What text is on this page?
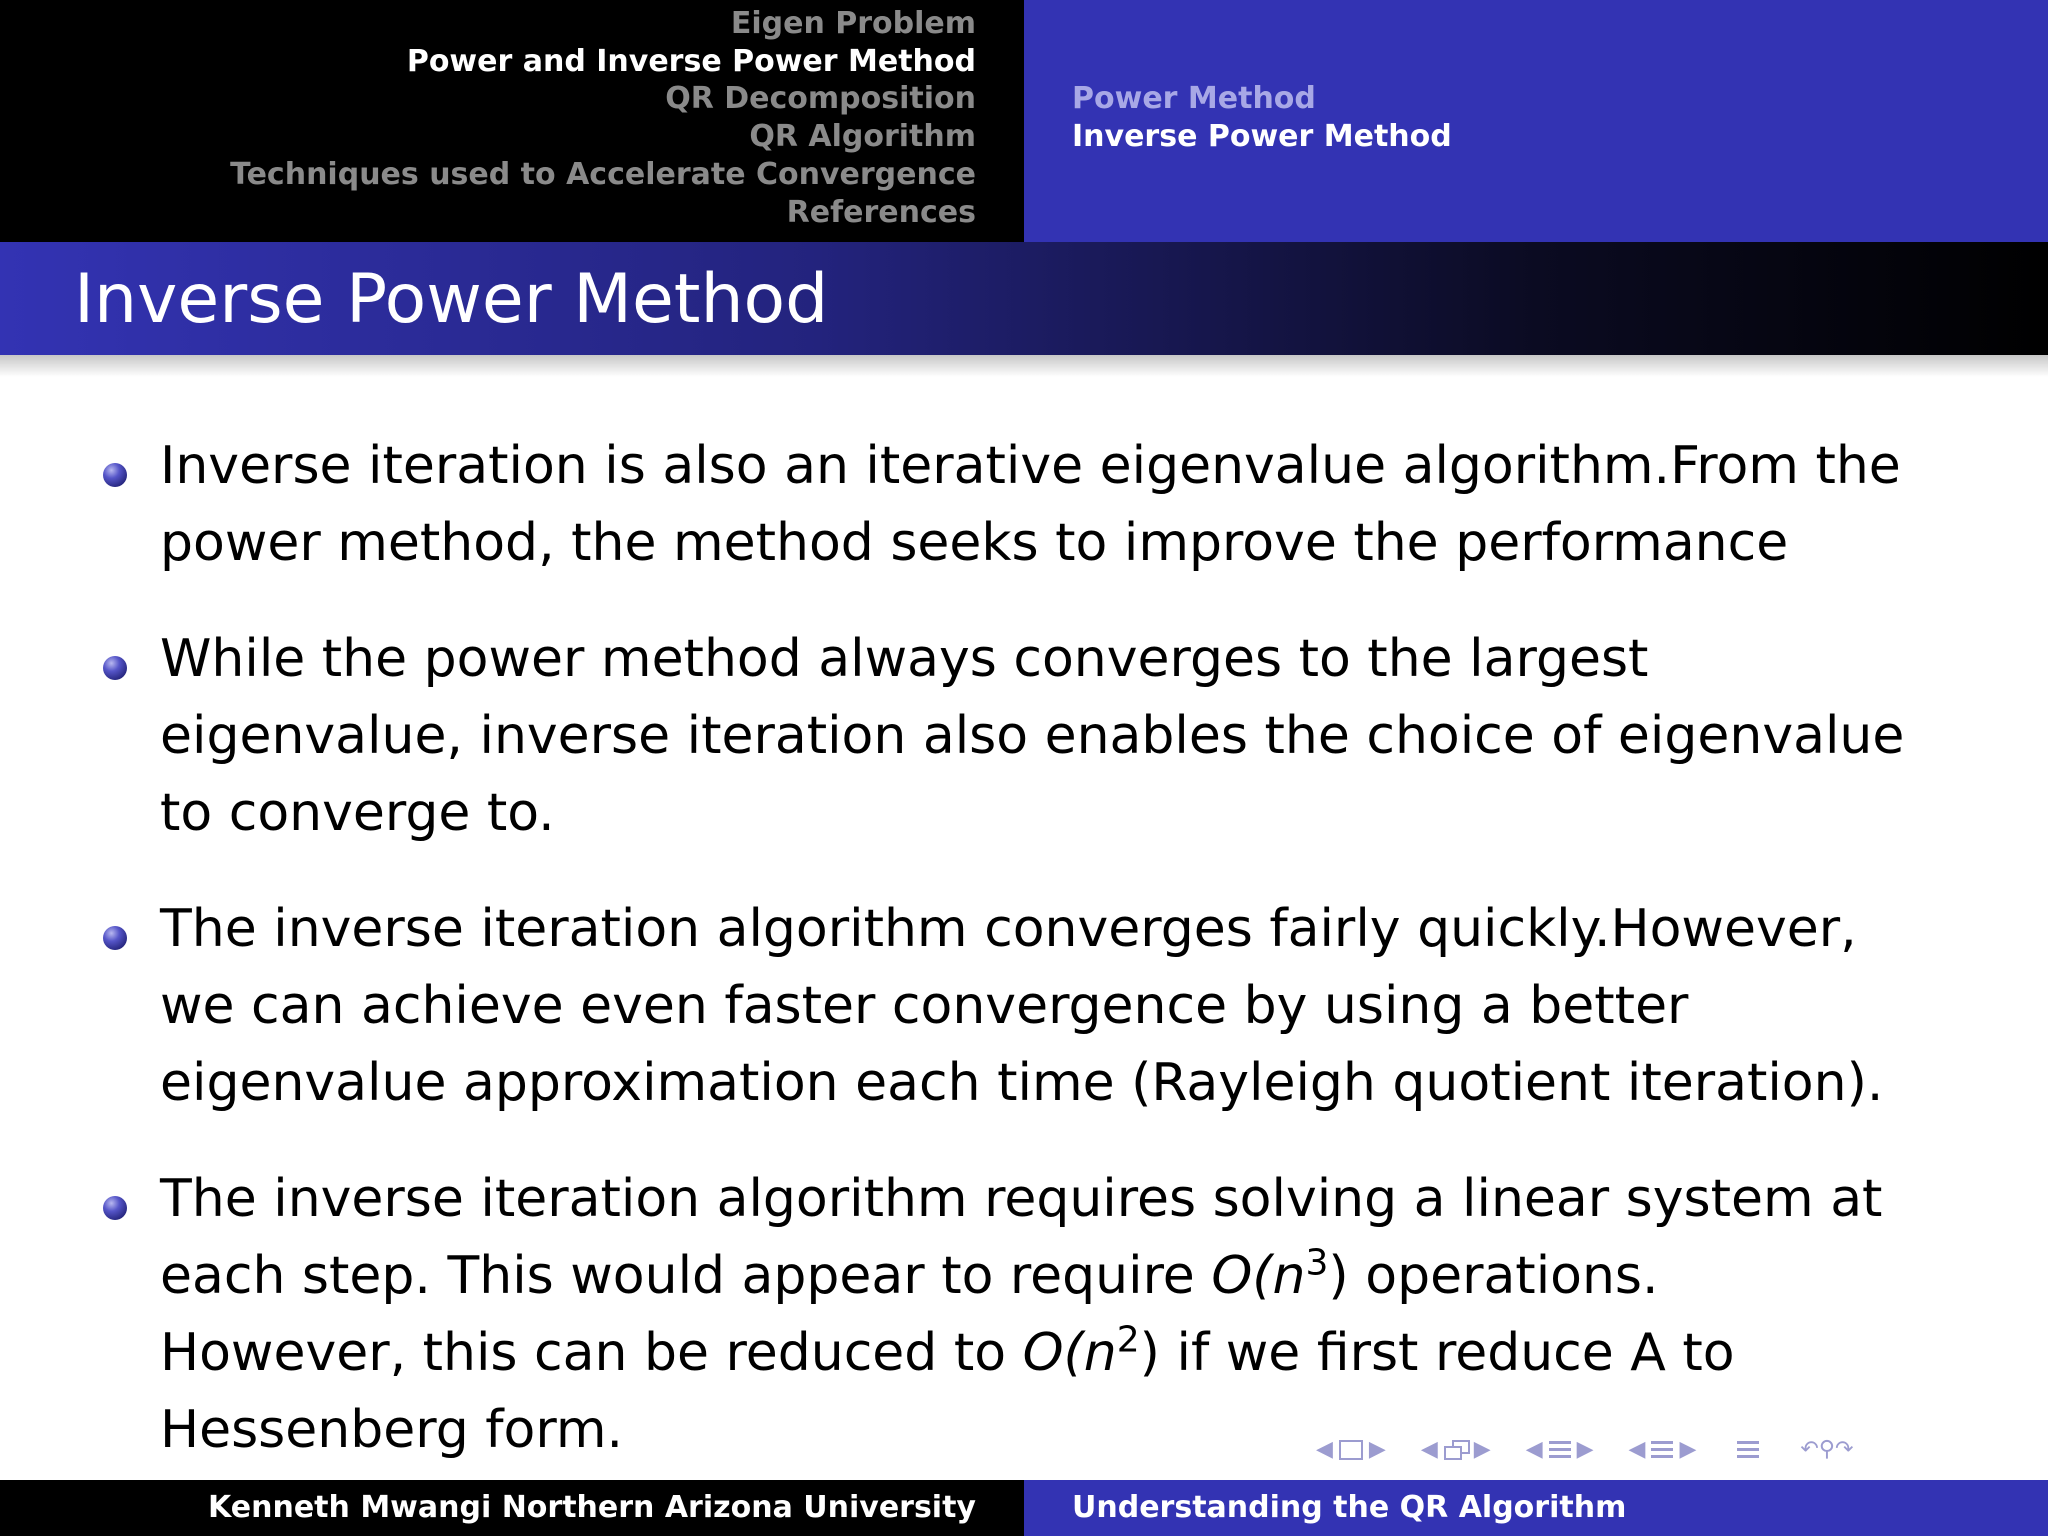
Eigen Problem
Power and Inverse Power Method
QR Decomposition
QR Algorithm
Techniques used to Accelerate Convergence
References
Power Method
Inverse Power Method
Inverse Power Method

Inverse iteration is also an iterative eigenvalue algorithm.From the
power method, the method seeks to improve the performance

While the power method always converges to the largest
eigenvalue, inverse iteration also enables the choice of eigenvalue
to converge to.

The inverse iteration algorithm converges fairly quickly.However,
we can achieve even faster convergence by using a better
eigenvalue approximation each time (Rayleigh quotient iteration).

The inverse iteration algorithm requires solving a linear system at
each step. This would appear to require $O(n^3)$ operations.
However, this can be reduced to $O(n^2)$ if we first reduce A to
Hessenberg form.	◀ ▶ ◀ ▶ ◀ ▶ ◀ ▶	↶⚲↷
Kenneth Mwangi Northern Arizona University	Understanding the QR Algorithm
